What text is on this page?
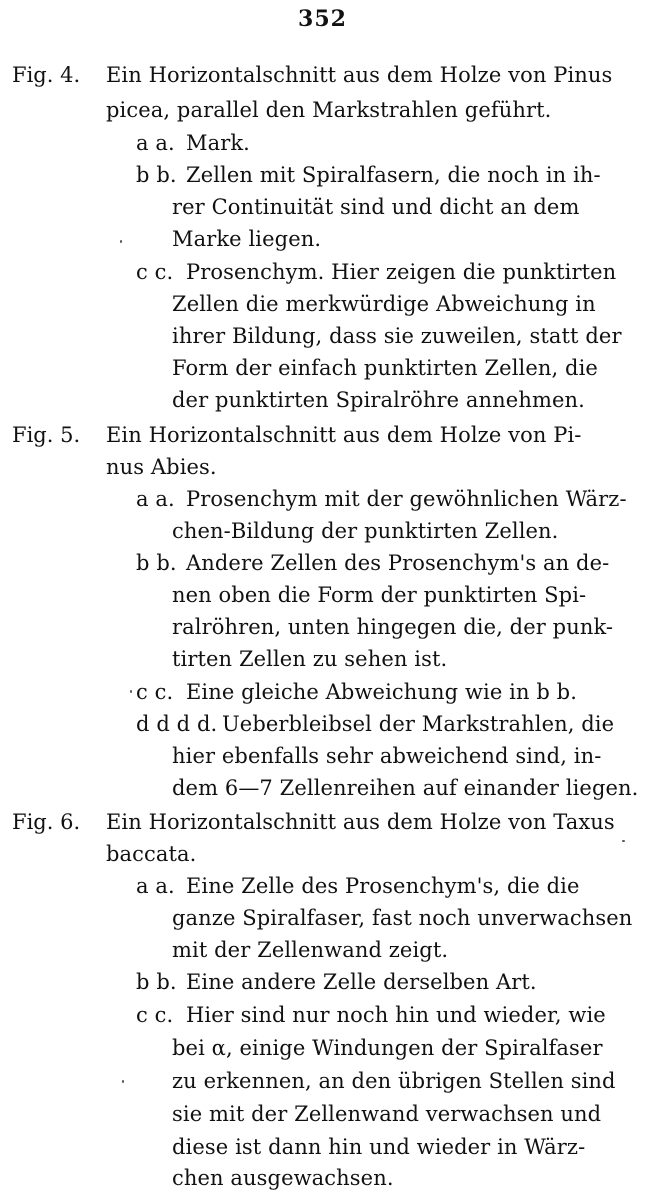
352
Fig. 4. Ein Horizontalschnitt aus dem Holze von Pinus
picea, parallel den Markstrahlen geführt.
a a. Mark.
b b. Zellen mit Spiralfasern, die noch in ih-
rer Continuität sind und dicht an dem
Marke liegen.
c c. Prosenchym. Hier zeigen die punktirten
Zellen die merkwürdige Abweichung in
ihrer Bildung, dass sie zuweilen, statt der
Form der einfach punktirten Zellen, die
der punktirten Spiralröhre annehmen.
Fig. 5. Ein Horizontalschnitt aus dem Holze von Pi-
nus Abies.
a a. Prosenchym mit der gewöhnlichen Wärz-
chen-Bildung der punktirten Zellen.
b b. Andere Zellen des Prosenchym's an de-
nen oben die Form der punktirten Spi-
ralröhren, unten hingegen die, der punk-
tirten Zellen zu sehen ist.
c c. Eine gleiche Abweichung wie in b b.
d d d d. Ueberbleibsel der Markstrahlen, die
hier ebenfalls sehr abweichend sind, in-
dem 6—7 Zellenreihen auf einander liegen.
Fig. 6. Ein Horizontalschnitt aus dem Holze von Taxus
baccata.
a a. Eine Zelle des Prosenchym's, die die
ganze Spiralfaser, fast noch unverwachsen
mit der Zellenwand zeigt.
b b. Eine andere Zelle derselben Art.
c c. Hier sind nur noch hin und wieder, wie
bei α, einige Windungen der Spiralfaser
zu erkennen, an den übrigen Stellen sind
sie mit der Zellenwand verwachsen und
diese ist dann hin und wieder in Wärz-
chen ausgewachsen.
